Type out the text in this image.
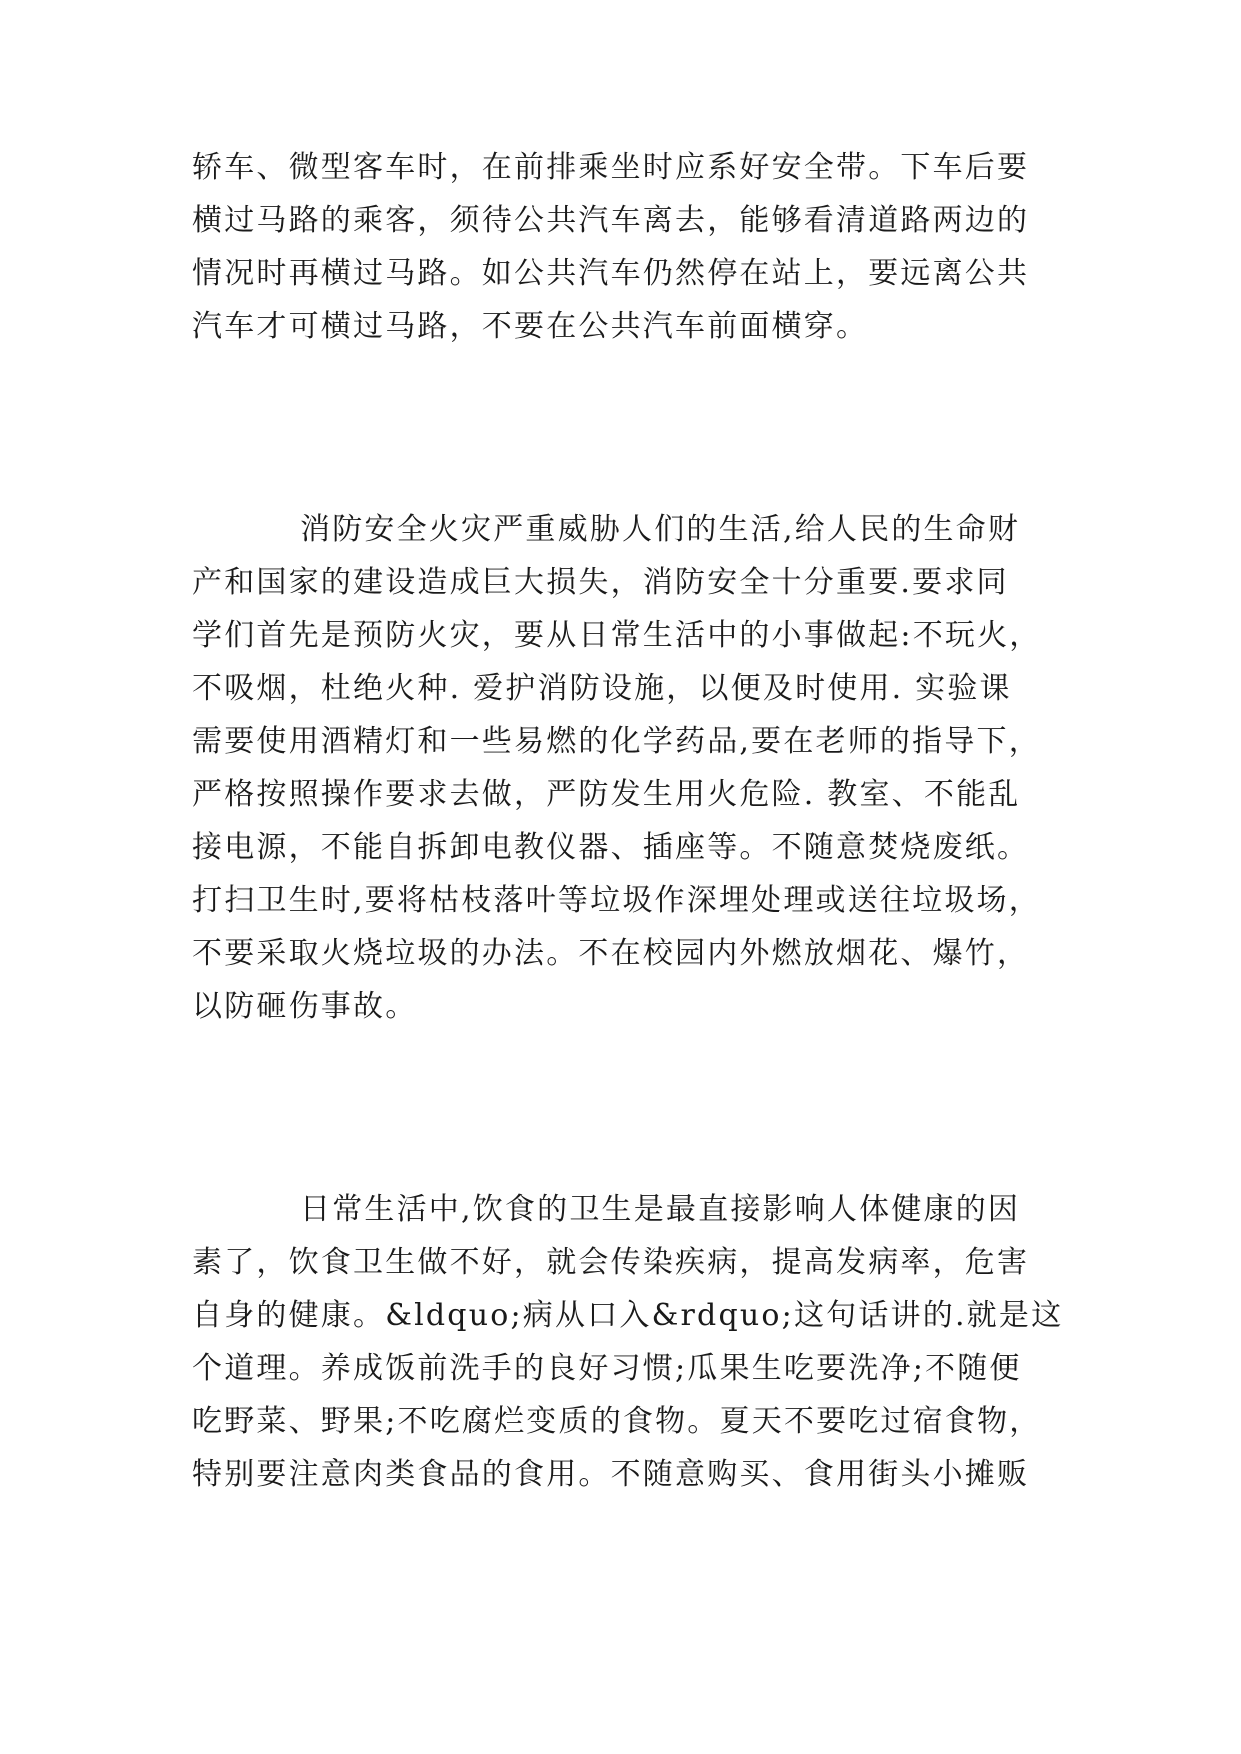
轿车、微型客车时，在前排乘坐时应系好安全带。下车后要
横过马路的乘客，须待公共汽车离去，能够看清道路两边的
情况时再横过马路。如公共汽车仍然停在站上，要远离公共
汽车才可横过马路，不要在公共汽车前面横穿。
消防安全火灾严重威胁人们的生活,给人民的生命财
产和国家的建设造成巨大损失，消防安全十分重要.要求同
学们首先是预防火灾，要从日常生活中的小事做起:不玩火，
不吸烟，杜绝火种. 爱护消防设施，以便及时使用. 实验课
需要使用酒精灯和一些易燃的化学药品,要在老师的指导下，
严格按照操作要求去做，严防发生用火危险. 教室、不能乱
接电源，不能自拆卸电教仪器、插座等。不随意焚烧废纸。
打扫卫生时,要将枯枝落叶等垃圾作深埋处理或送往垃圾场，
不要采取火烧垃圾的办法。不在校园内外燃放烟花、爆竹，
以防砸伤事故。
日常生活中,饮食的卫生是最直接影响人体健康的因
素了，饮食卫生做不好，就会传染疾病，提高发病率，危害
自身的健康。&ldquo;病从口入&rdquo;这句话讲的.就是这
个道理。养成饭前洗手的良好习惯;瓜果生吃要洗净;不随便
吃野菜、野果;不吃腐烂变质的食物。夏天不要吃过宿食物，
特别要注意肉类食品的食用。不随意购买、食用街头小摊贩
